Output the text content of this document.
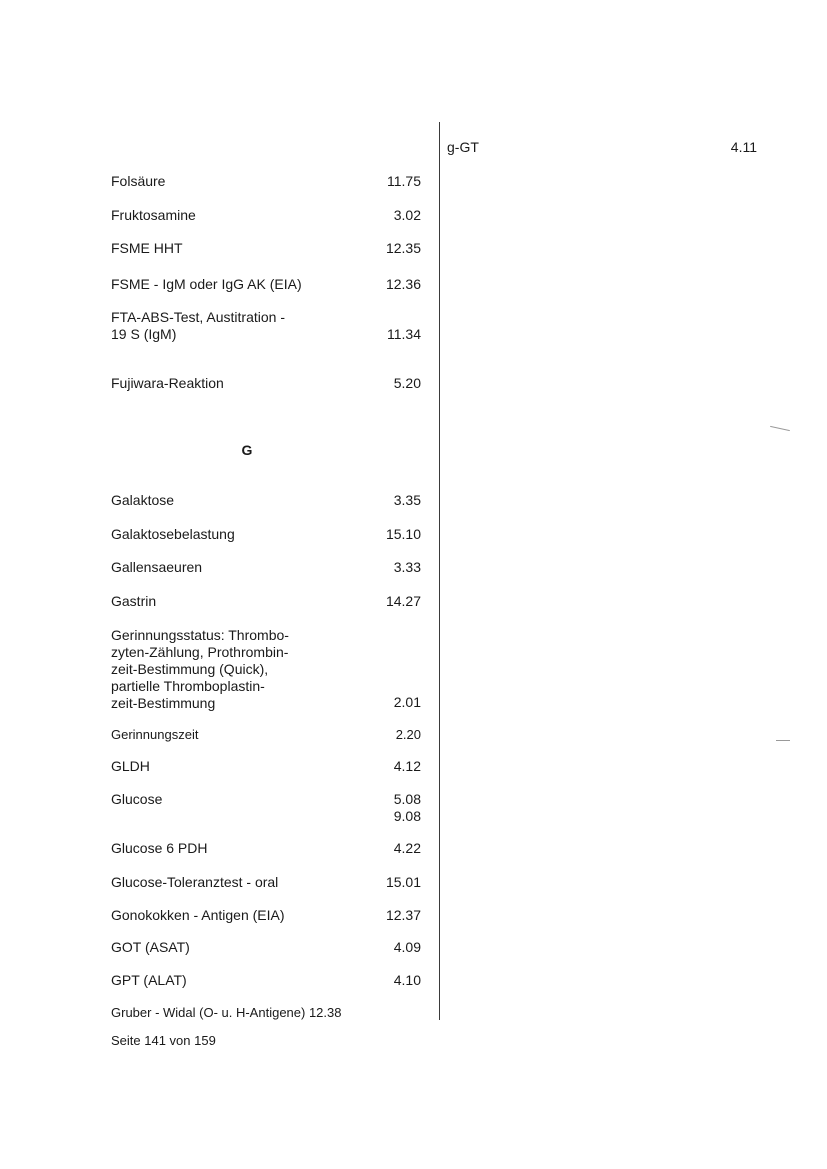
g-GT	4.11
Folsäure	11.75
Fruktosamine	3.02
FSME HHT	12.35
FSME - IgM oder IgG AK (EIA)	12.36
FTA-ABS-Test, Austitration -
19 S (IgM)	11.34
Fujiwara-Reaktion	5.20
G
Galaktose	3.35
Galaktosebelastung	15.10
Gallensaeuren	3.33
Gastrin	14.27
Gerinnungsstatus: Thrombo-
zyten-Zählung, Prothrombin-
zeit-Bestimmung (Quick),
partielle Thromboplastin-
zeit-Bestimmung	2.01
Gerinnungszeit	2.20
GLDH	4.12
Glucose	5.08
9.08
Glucose 6 PDH	4.22
Glucose-Toleranztest - oral	15.01
Gonokokken - Antigen (EIA)	12.37
GOT (ASAT)	4.09
GPT (ALAT)	4.10
Gruber - Widal (O- u. H-Antigene) 12.38
Seite 141 von 159
